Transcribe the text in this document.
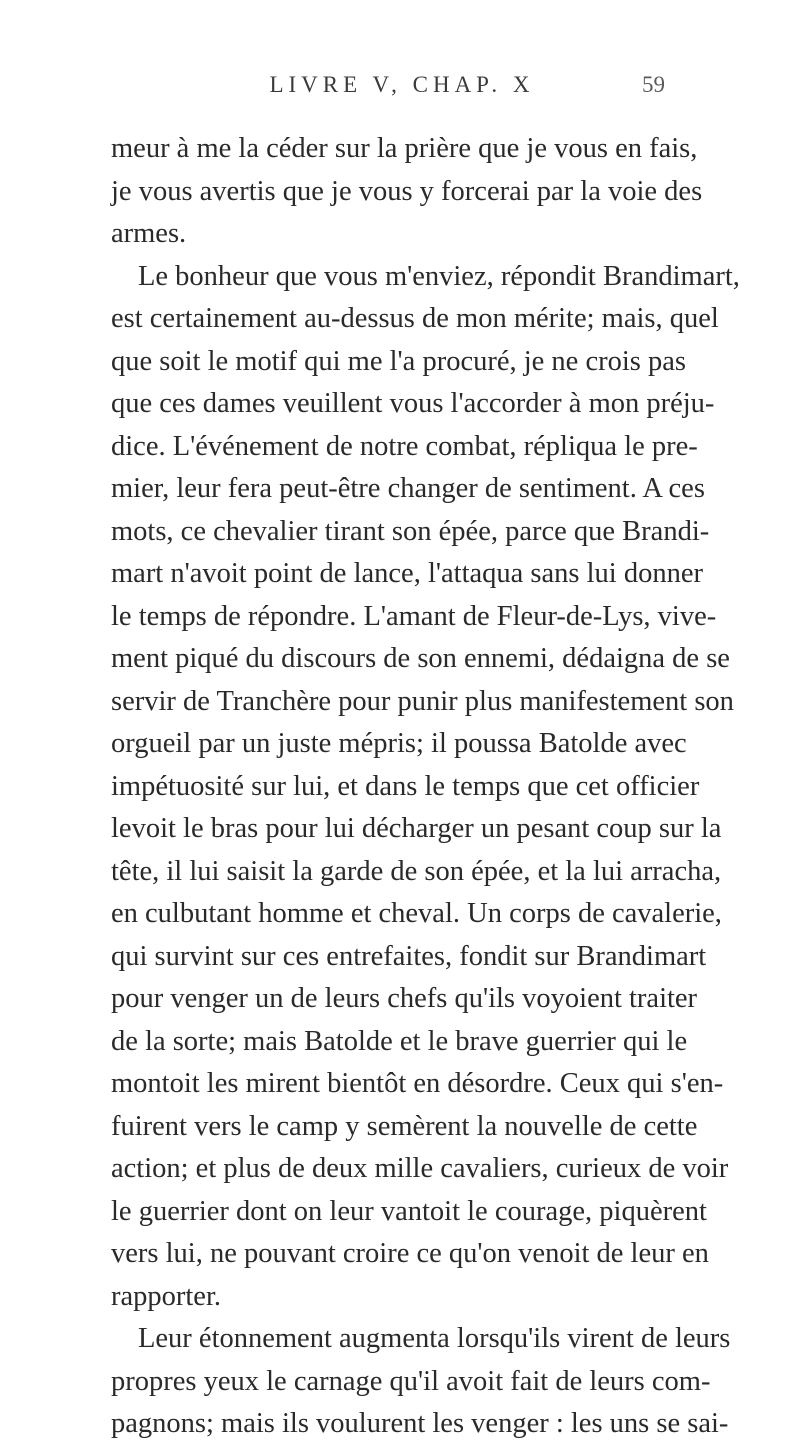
LIVRE V, CHAP. X	59
meur à me la céder sur la prière que je vous en fais,
je vous avertis que je vous y forcerai par la voie des
armes.
Le bonheur que vous m'enviez, répondit Brandimart,
est certainement au-dessus de mon mérite; mais, quel
que soit le motif qui me l'a procuré, je ne crois pas
que ces dames veuillent vous l'accorder à mon préju-
dice. L'événement de notre combat, répliqua le pre-
mier, leur fera peut-être changer de sentiment. A ces
mots, ce chevalier tirant son épée, parce que Brandi-
mart n'avoit point de lance, l'attaqua sans lui donner
le temps de répondre. L'amant de Fleur-de-Lys, vive-
ment piqué du discours de son ennemi, dédaigna de se
servir de Tranchère pour punir plus manifestement son
orgueil par un juste mépris; il poussa Batolde avec
impétuosité sur lui, et dans le temps que cet officier
levoit le bras pour lui décharger un pesant coup sur la
tête, il lui saisit la garde de son épée, et la lui arracha,
en culbutant homme et cheval. Un corps de cavalerie,
qui survint sur ces entrefaites, fondit sur Brandimart
pour venger un de leurs chefs qu'ils voyoient traiter
de la sorte; mais Batolde et le brave guerrier qui le
montoit les mirent bientôt en désordre. Ceux qui s'en-
fuirent vers le camp y semèrent la nouvelle de cette
action; et plus de deux mille cavaliers, curieux de voir
le guerrier dont on leur vantoit le courage, piquèrent
vers lui, ne pouvant croire ce qu'on venoit de leur en
rapporter.
Leur étonnement augmenta lorsqu'ils virent de leurs
propres yeux le carnage qu'il avoit fait de leurs com-
pagnons; mais ils voulurent les venger : les uns se sai-
